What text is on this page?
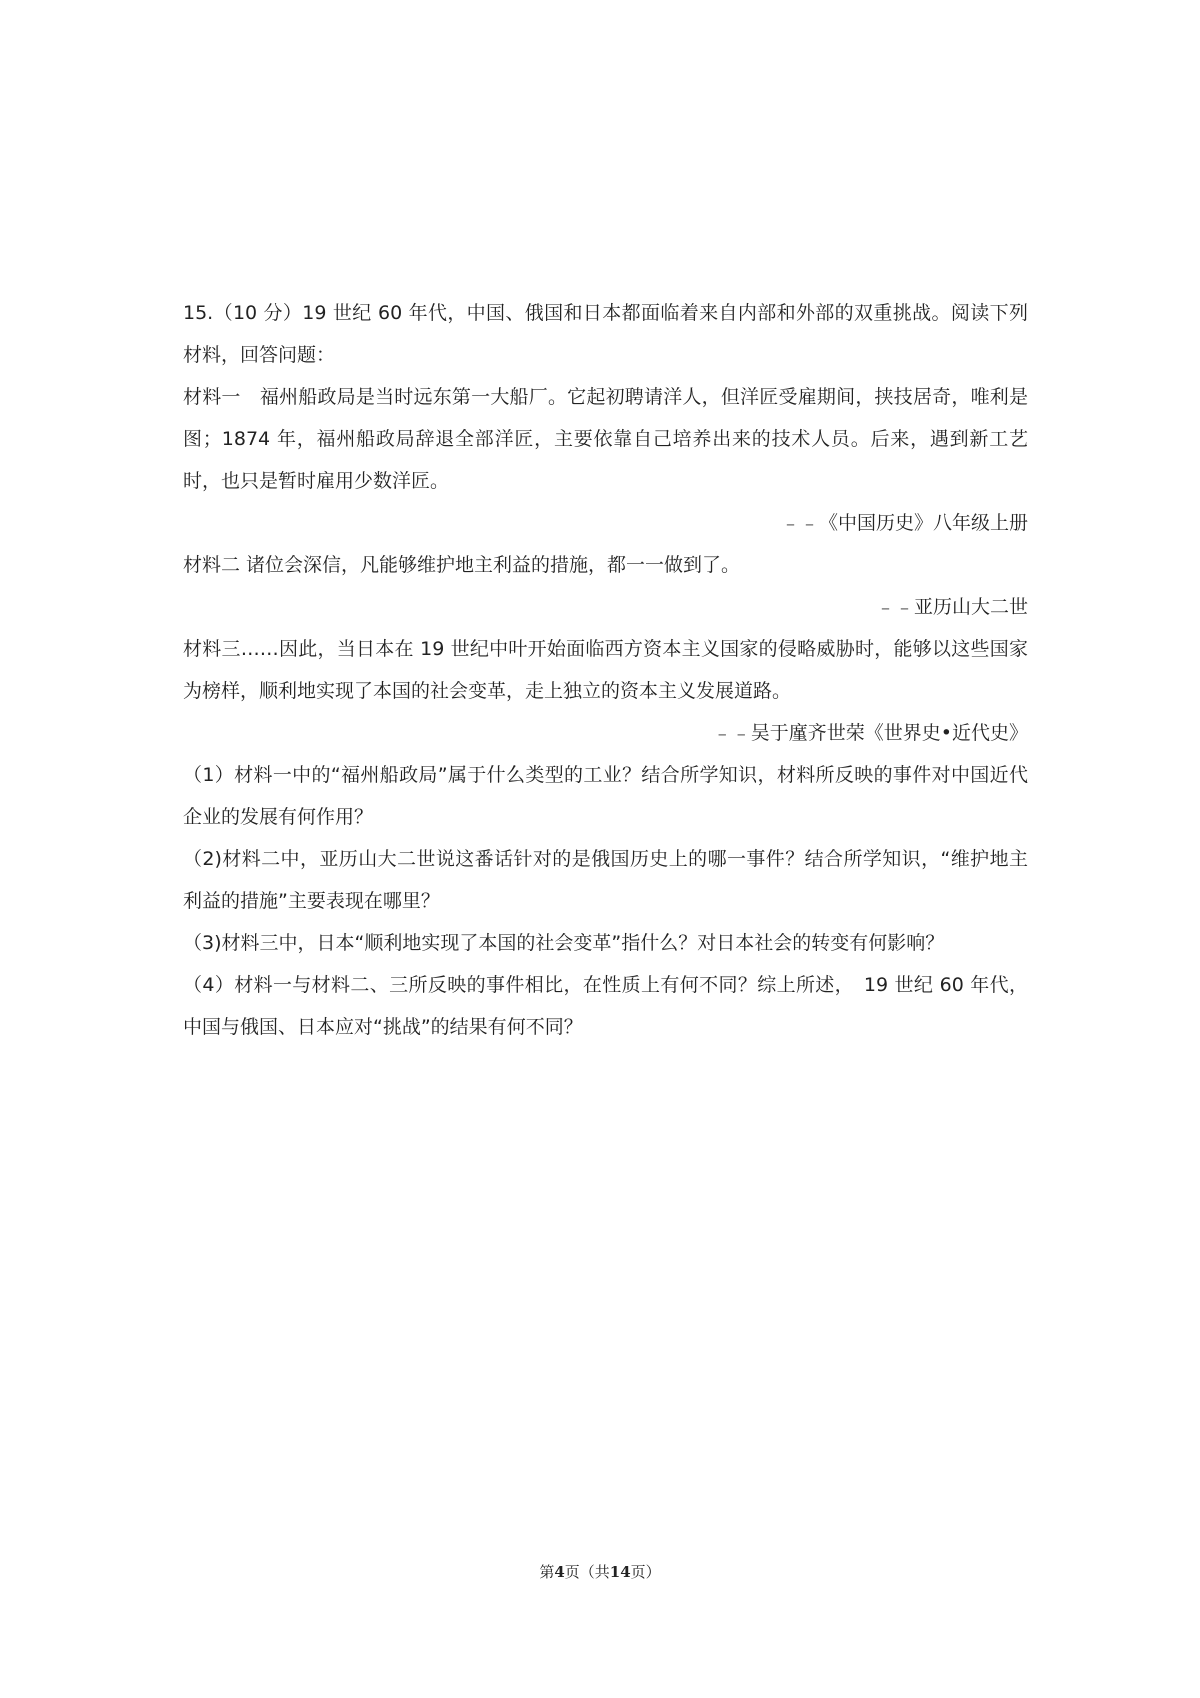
15.（10 分）19 世纪 60 年代，中国、俄国和日本都面临着来自内部和外部的双重挑战。阅读下列材料，回答问题：

材料一　福州船政局是当时远东第一大船厂。它起初聘请洋人，但洋匠受雇期间，挟技居奇，唯利是图；1874 年，福州船政局辞退全部洋匠，主要依靠自己培养出来的技术人员。后来，遇到新工艺时，也只是暂时雇用少数洋匠。

﹣﹣《中国历史》八年级上册

材料二 诸位会深信，凡能够维护地主利益的措施，都一一做到了。

﹣﹣亚历山大二世

材料三……因此，当日本在 19 世纪中叶开始面临西方资本主义国家的侵略威胁时，能够以这些国家为榜样，顺利地实现了本国的社会变革，走上独立的资本主义发展道路。

﹣﹣吴于廑齐世荣《世界史•近代史》

（1）材料一中的“福州船政局”属于什么类型的工业？结合所学知识，材料所反映的事件对中国近代企业的发展有何作用？

（2)材料二中，亚历山大二世说这番话针对的是俄国历史上的哪一事件？结合所学知识，“维护地主利益的措施”主要表现在哪里？

（3)材料三中，日本“顺利地实现了本国的社会变革”指什么？对日本社会的转变有何影响？

（4）材料一与材料二、三所反映的事件相比，在性质上有何不同？综上所述，　19 世纪 60 年代，中国与俄国、日本应对“挑战”的结果有何不同？

第4页（共14页）
